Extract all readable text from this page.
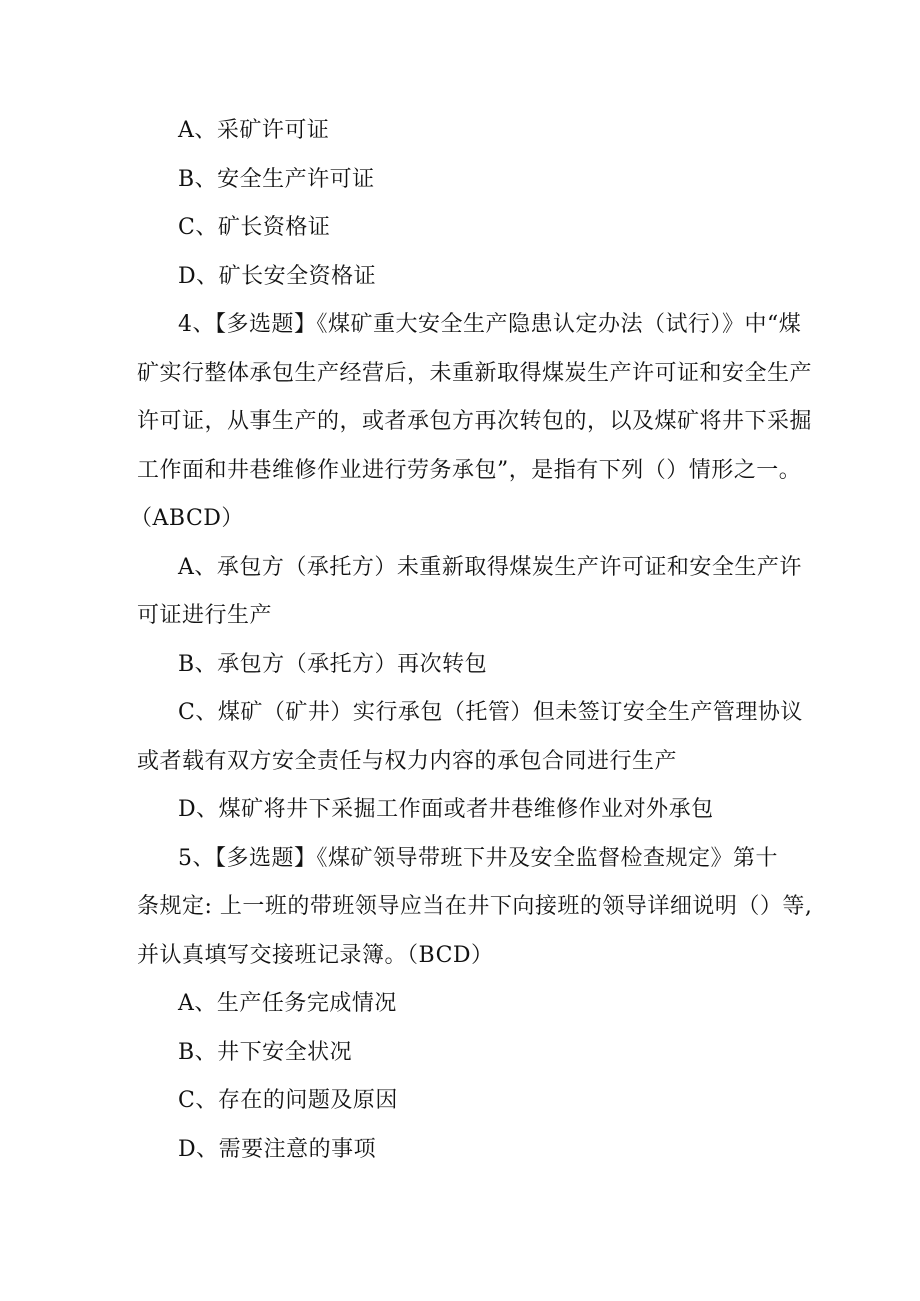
A、采矿许可证
B、安全生产许可证
C、矿长资格证
D、矿长安全资格证
4、【多选题】《煤矿重大安全生产隐患认定办法（试行）》中“煤
矿实行整体承包生产经营后，未重新取得煤炭生产许可证和安全生产
许可证，从事生产的，或者承包方再次转包的，以及煤矿将井下采掘
工作面和井巷维修作业进行劳务承包”，是指有下列（）情形之一。
（ABCD）
A、承包方（承托方）未重新取得煤炭生产许可证和安全生产许
可证进行生产
B、承包方（承托方）再次转包
C、煤矿（矿井）实行承包（托管）但未签订安全生产管理协议
或者载有双方安全责任与权力内容的承包合同进行生产
D、煤矿将井下采掘工作面或者井巷维修作业对外承包
5、【多选题】《煤矿领导带班下井及安全监督检查规定》第十
条规定: 上一班的带班领导应当在井下向接班的领导详细说明（）等,
并认真填写交接班记录簿。（BCD）
A、生产任务完成情况
B、井下安全状况
C、存在的问题及原因
D、需要注意的事项
